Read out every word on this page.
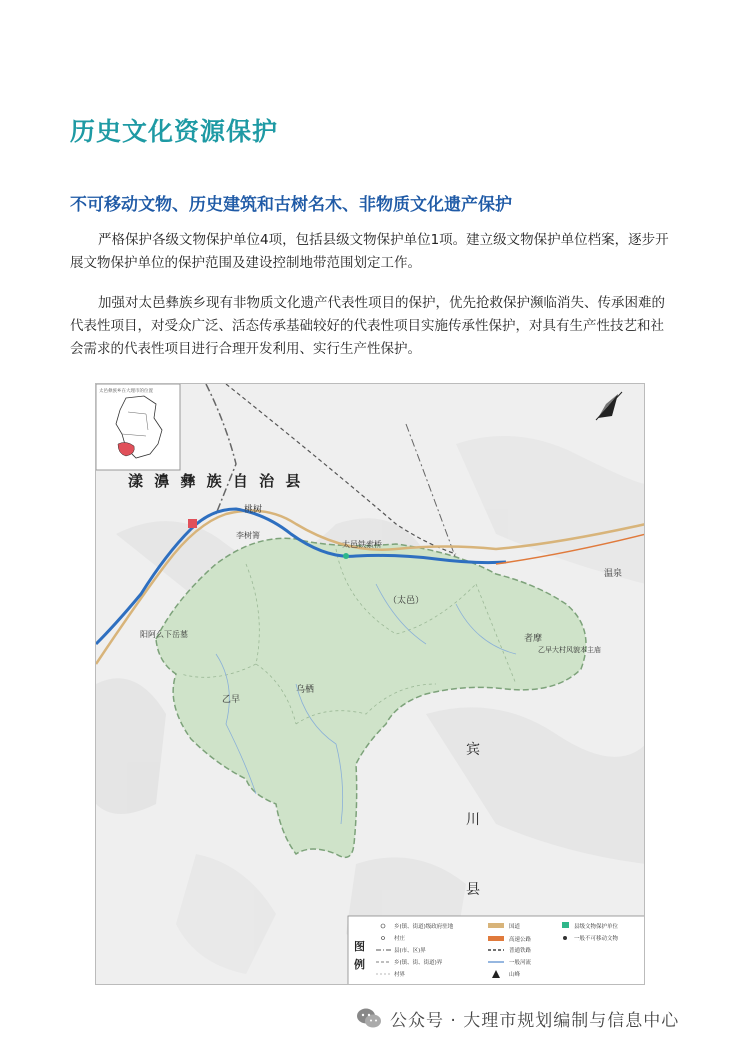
历史文化资源保护
不可移动文物、历史建筑和古树名木、非物质文化遗产保护

严格保护各级文物保护单位4项，包括县级文物保护单位1项。建立级文物保护单位档案，逐步开展文物保护单位的保护范围及建设控制地带范围划定工作。

加强对太邑彝族乡现有非物质文化遗产代表性项目的保护，优先抢救保护濒临消失、传承困难的代表性项目，对受众广泛、活态传承基础较好的代表性项目实施传承性保护，对具有生产性技艺和社会需求的代表性项目进行合理开发利用、实行生产性保护。

桃树
李树箐
太邑铁索桥
（太邑）
温泉
者摩
乙早大村风貌本主庙
阳阿么下岳墓
乙早
乌栖
漾 濞 彝 族 自 治 县
宾
川
县
太邑彝族乡在大理市的位置
图
例
乡(镇、街道)级政府驻地
村庄
县(市、区)界
乡(镇、街、街道)界
村界
国道
高速公路
普通铁路
一般河流
山峰
县级文物保护单位
一般不可移动文物
公众号 · 大理市规划编制与信息中心
